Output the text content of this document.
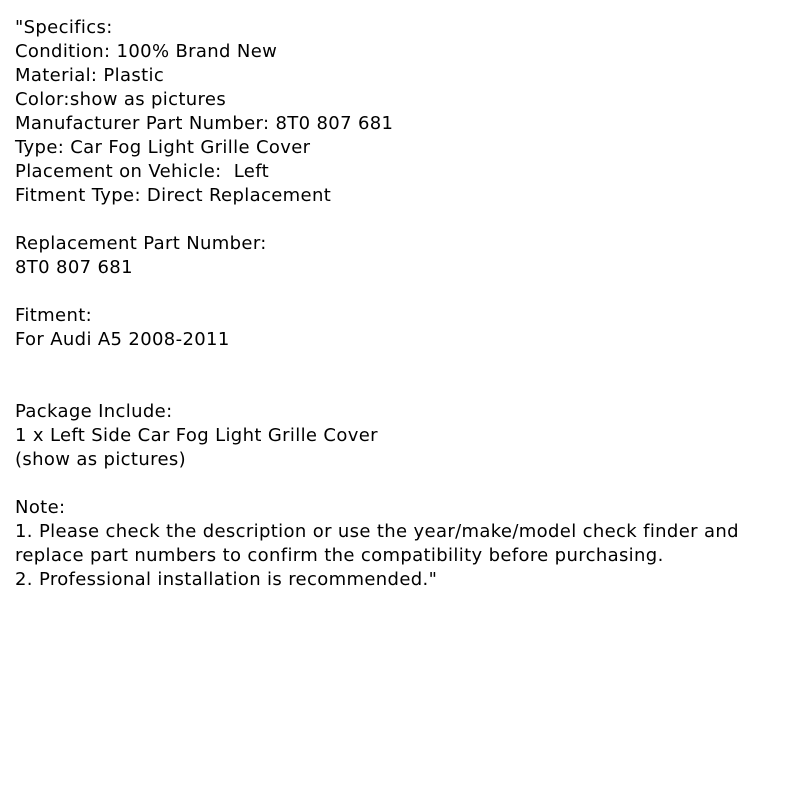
"Specifics:
Condition: 100% Brand New
Material: Plastic
Color:show as pictures
Manufacturer Part Number: 8T0 807 681
Type: Car Fog Light Grille Cover
Placement on Vehicle:  Left
Fitment Type: Direct Replacement
Replacement Part Number:
8T0 807 681
Fitment:
For Audi A5 2008-2011
Package Include:
1 x Left Side Car Fog Light Grille Cover
(show as pictures)
Note:
1. Please check the description or use the year/make/model check finder and
replace part numbers to confirm the compatibility before purchasing.
2. Professional installation is recommended."
